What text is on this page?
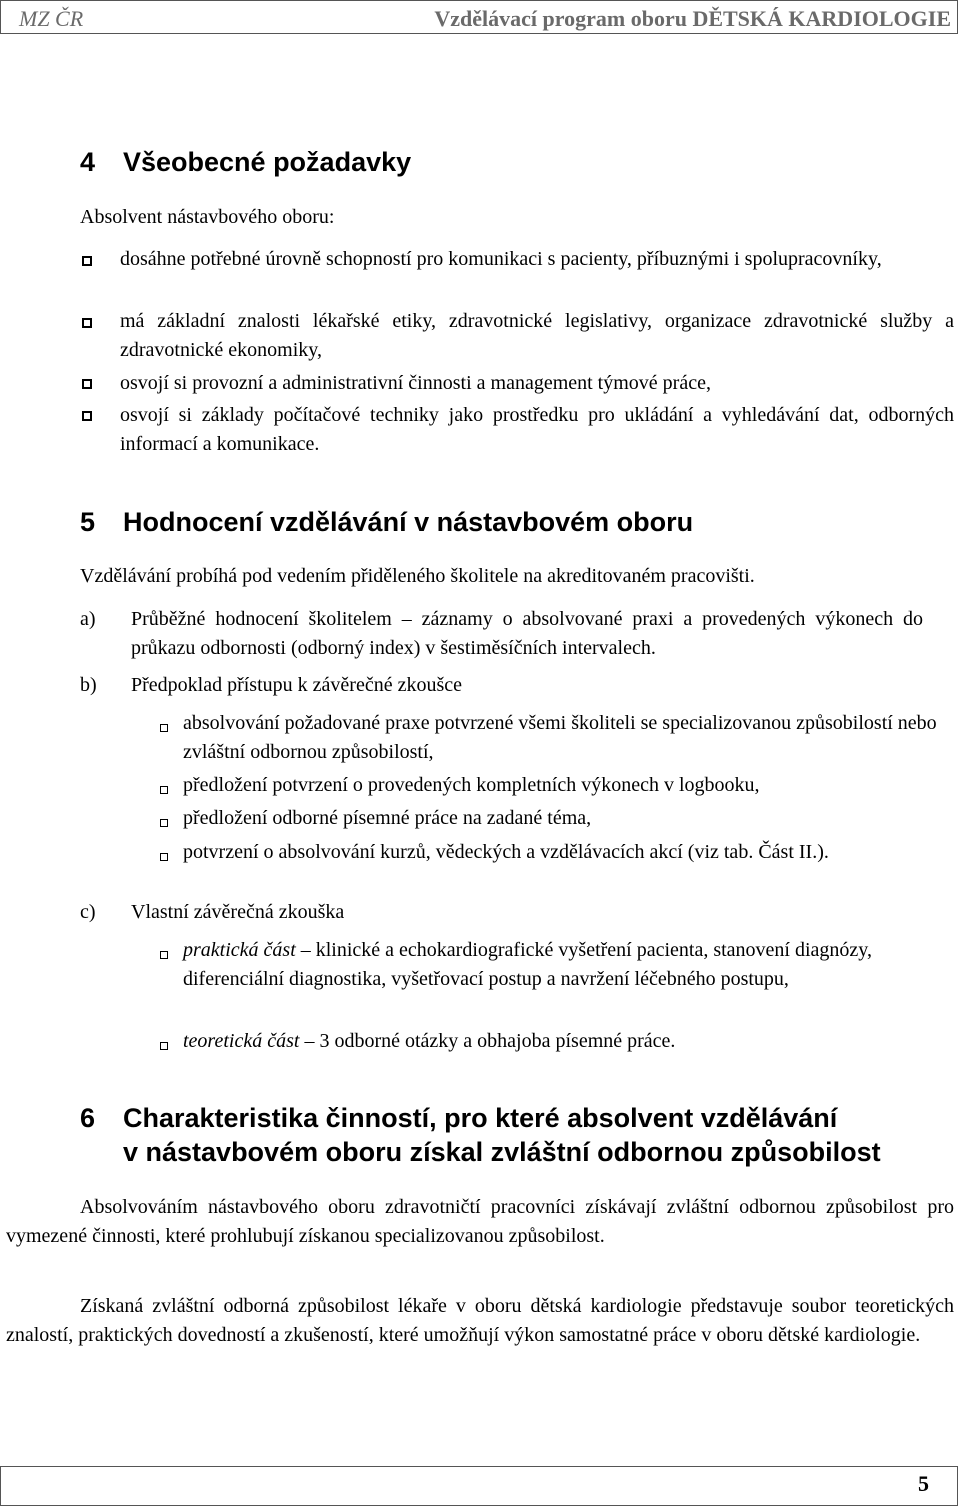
MZ ČR	Vzdělávací program oboru DĚTSKÁ KARDIOLOGIE
4 Všeobecné požadavky

Absolvent nástavbového oboru:

dosáhne potřebné úrovně schopností pro komunikaci s pacienty, příbuznými i spolupracovníky,

má základní znalosti lékařské etiky, zdravotnické legislativy, organizace zdravotnické služby a zdravotnické ekonomiky,

osvojí si provozní a administrativní činnosti a management týmové práce,

osvojí si základy počítačové techniky jako prostředku pro ukládání a vyhledávání dat, odborných informací a komunikace.

5 Hodnocení vzdělávání v nástavbovém oboru

Vzdělávání probíhá pod vedením přiděleného školitele na akreditovaném pracovišti.

a) Průběžné hodnocení školitelem – záznamy o absolvované praxi a provedených výkonech do průkazu odbornosti (odborný index) v šestiměsíčních intervalech.

b) Předpoklad přístupu k závěrečné zkoušce

absolvování požadované praxe potvrzené všemi školiteli se specializovanou způsobilostí nebo zvláštní odbornou způsobilostí,

předložení potvrzení o provedených kompletních výkonech v logbooku,

předložení odborné písemné práce na zadané téma,

potvrzení o absolvování kurzů, vědeckých a vzdělávacích akcí (viz tab. Část II.).

c) Vlastní závěrečná zkouška

praktická část – klinické a echokardiografické vyšetření pacienta, stanovení diagnózy, diferenciální diagnostika, vyšetřovací postup a navržení léčebného postupu,

teoretická část – 3 odborné otázky a obhajoba písemné práce.

6 Charakteristika činností, pro které absolvent vzdělávání
v nástavbovém oboru získal zvláštní odbornou způsobilost

Absolvováním nástavbového oboru zdravotničtí pracovníci získávají zvláštní odbornou způsobilost pro vymezené činnosti, které prohlubují získanou specializovanou způsobilost.

Získaná zvláštní odborná způsobilost lékaře v oboru dětská kardiologie představuje soubor teoretických znalostí, praktických dovedností a zkušeností, které umožňují výkon samostatné práce v oboru dětské kardiologie.

5
